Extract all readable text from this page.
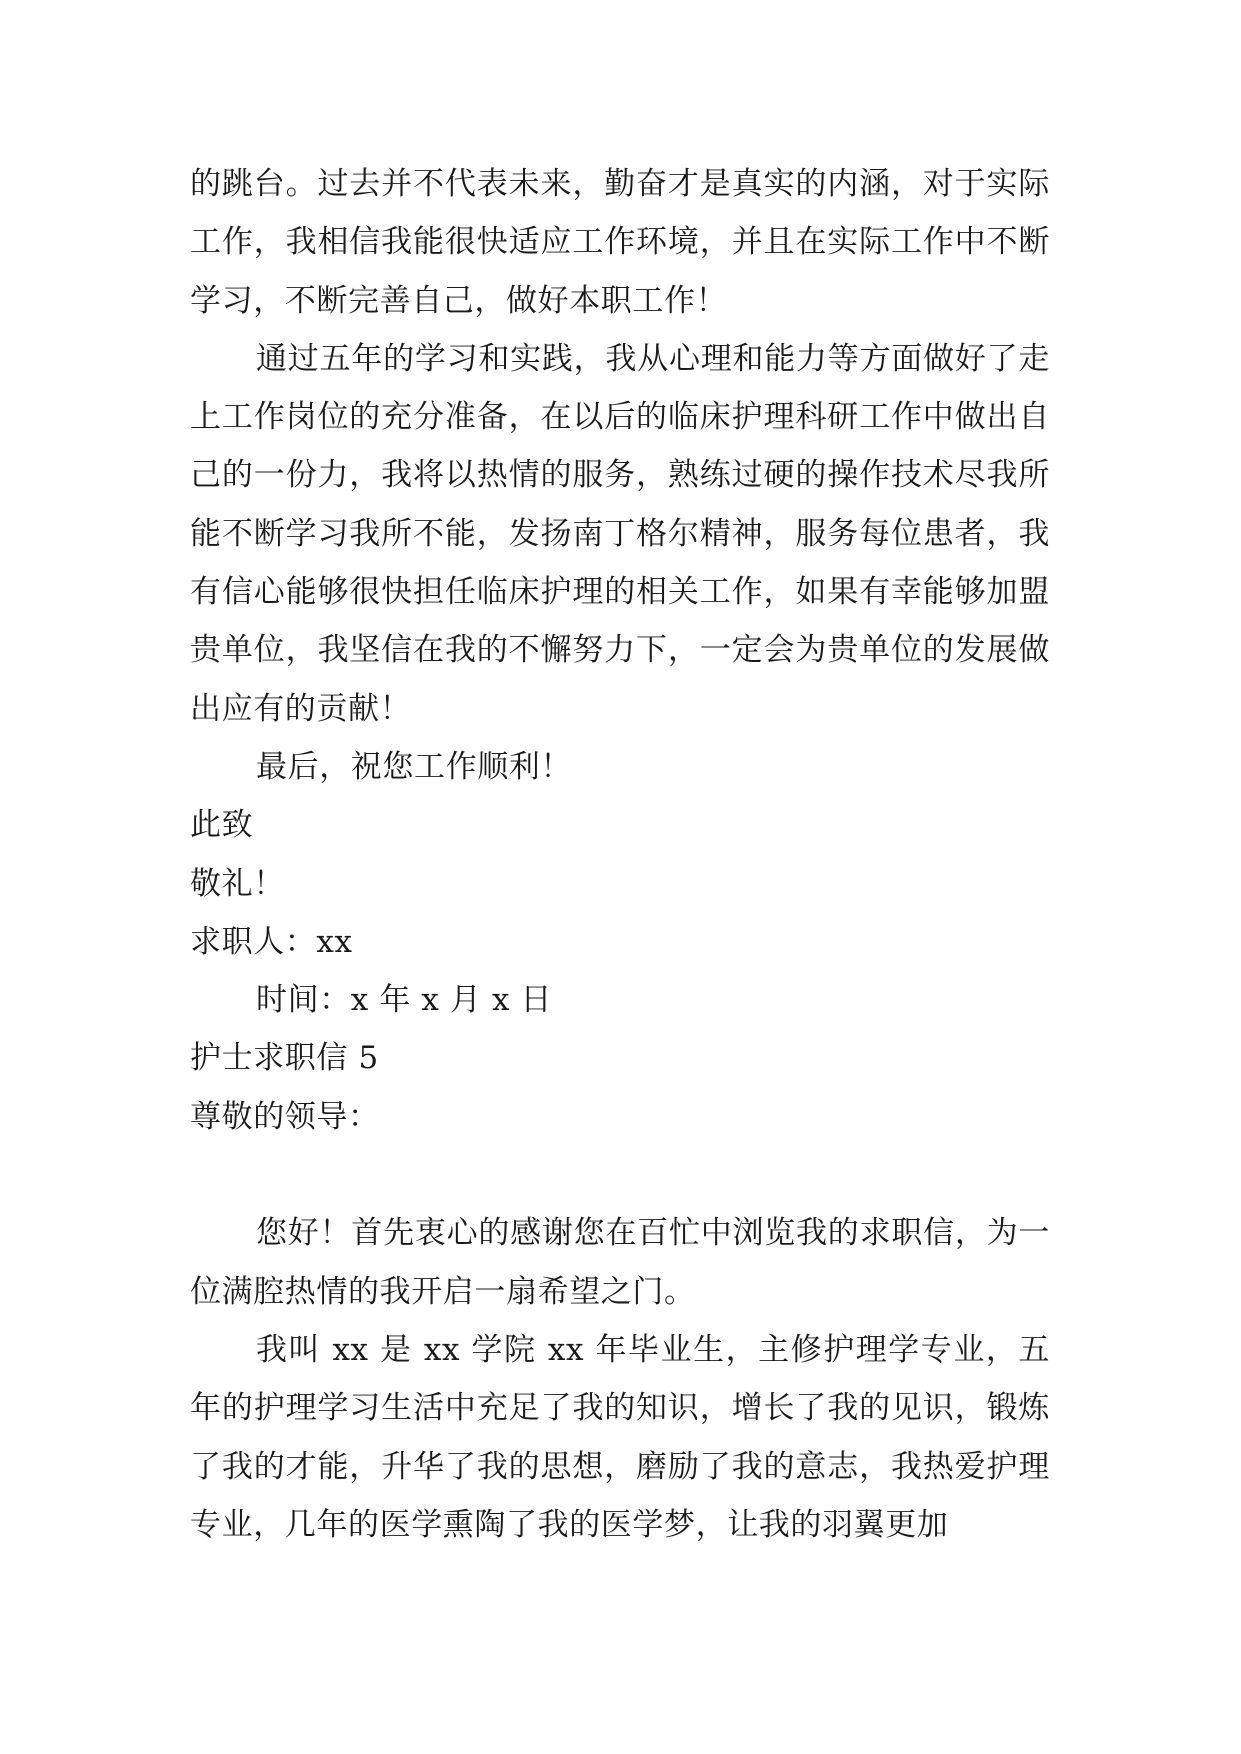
的跳台。过去并不代表未来，勤奋才是真实的内涵，对于实际工作，我相信我能很快适应工作环境，并且在实际工作中不断学习，不断完善自己，做好本职工作！

通过五年的学习和实践，我从心理和能力等方面做好了走上工作岗位的充分准备，在以后的临床护理科研工作中做出自己的一份力，我将以热情的服务，熟练过硬的操作技术尽我所能不断学习我所不能，发扬南丁格尔精神，服务每位患者，我有信心能够很快担任临床护理的相关工作，如果有幸能够加盟贵单位，我坚信在我的不懈努力下，一定会为贵单位的发展做出应有的贡献！

最后，祝您工作顺利！

此致

敬礼！

求职人：xx

时间：x 年 x 月 x 日

护士求职信 5

尊敬的领导：

您好！首先衷心的感谢您在百忙中浏览我的求职信，为一位满腔热情的我开启一扇希望之门。

我叫 xx 是 xx 学院 xx 年毕业生，主修护理学专业，五年的护理学习生活中充足了我的知识，增长了我的见识，锻炼了我的才能，升华了我的思想，磨励了我的意志，我热爱护理专业，几年的医学熏陶了我的医学梦，让我的羽翼更加
